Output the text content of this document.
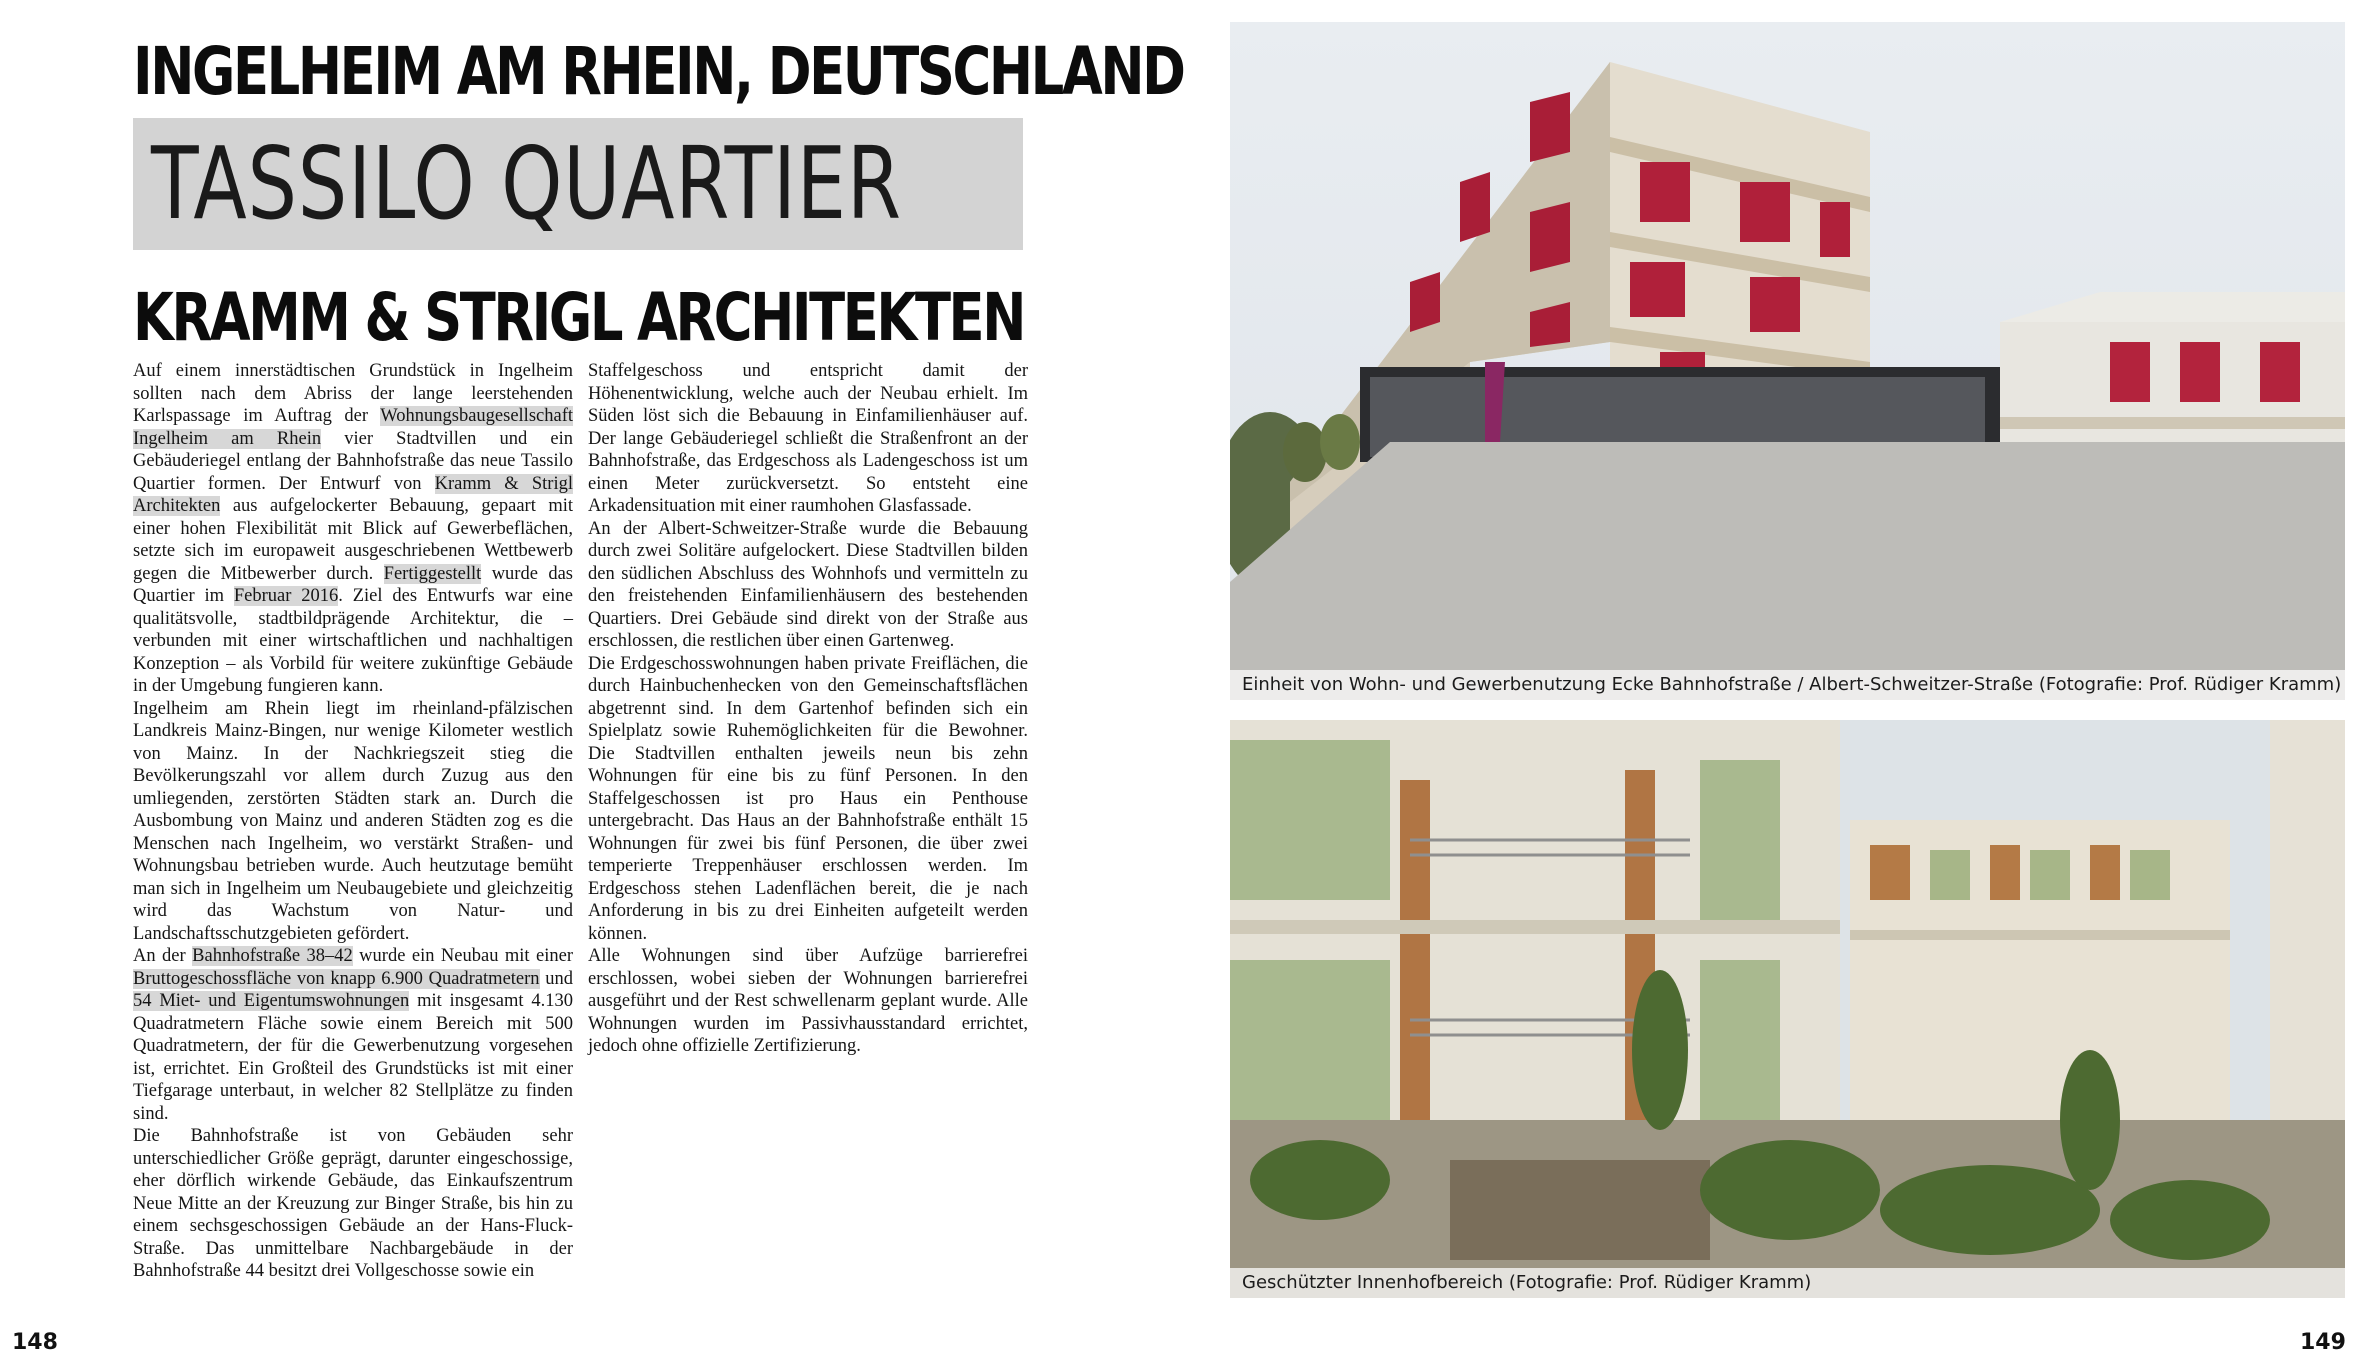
INGELHEIM AM RHEIN, DEUTSCHLAND
TASSILO QUARTIER
KRAMM & STRIGL ARCHITEKTEN

Auf einem innerstädtischen Grundstück in Ingelheim sollten nach dem Abriss der lange leerstehenden Karlspassage im Auftrag der Wohnungsbaugesellschaft Ingelheim am Rhein vier Stadtvillen und ein Gebäuderiegel entlang der Bahnhofstraße das neue Tassilo Quartier formen. Der Entwurf von Kramm & Strigl Architekten aus aufgelockerter Bebauung, gepaart mit einer hohen Flexibilität mit Blick auf Gewerbeflächen, setzte sich im europaweit ausgeschriebenen Wettbewerb gegen die Mitbewerber durch. Fertiggestellt wurde das Quartier im Februar 2016. Ziel des Entwurfs war eine qualitätsvolle, stadtbildprägende Architektur, die – verbunden mit einer wirtschaftlichen und nachhaltigen Konzeption – als Vorbild für weitere zukünftige Gebäude in der Umgebung fungieren kann.

Ingelheim am Rhein liegt im rheinland-pfälzischen Landkreis Mainz-Bingen, nur wenige Kilometer westlich von Mainz. In der Nachkriegszeit stieg die Bevölkerungszahl vor allem durch Zuzug aus den umliegenden, zerstörten Städten stark an. Durch die Ausbombung von Mainz und anderen Städten zog es die Menschen nach Ingelheim, wo verstärkt Straßen- und Wohnungsbau betrieben wurde. Auch heutzutage bemüht man sich in Ingelheim um Neubaugebiete und gleichzeitig wird das Wachstum von Natur- und Landschaftsschutzgebieten gefördert.

An der Bahnhofstraße 38–42 wurde ein Neubau mit einer Bruttogeschossfläche von knapp 6.900 Quadratmetern und 54 Miet- und Eigentumswohnungen mit insgesamt 4.130 Quadratmetern Fläche sowie einem Bereich mit 500 Quadratmetern, der für die Gewerbenutzung vorgesehen ist, errichtet. Ein Großteil des Grundstücks ist mit einer Tiefgarage unterbaut, in welcher 82 Stellplätze zu finden sind.

Die Bahnhofstraße ist von Gebäuden sehr unterschiedlicher Größe geprägt, darunter eingeschossige, eher dörflich wirkende Gebäude, das Einkaufszentrum Neue Mitte an der Kreuzung zur Binger Straße, bis hin zu einem sechsgeschossigen Gebäude an der Hans-Fluck-Straße. Das unmittelbare Nachbargebäude in der Bahnhofstraße 44 besitzt drei Vollgeschosse sowie ein

Staffelgeschoss und entspricht damit der Höhenentwicklung, welche auch der Neubau erhielt. Im Süden löst sich die Bebauung in Einfamilienhäuser auf. Der lange Gebäuderiegel schließt die Straßenfront an der Bahnhofstraße, das Erdgeschoss als Ladengeschoss ist um einen Meter zurückversetzt. So entsteht eine Arkadensituation mit einer raumhohen Glasfassade.

An der Albert-Schweitzer-Straße wurde die Bebauung durch zwei Solitäre aufgelockert. Diese Stadtvillen bilden den südlichen Abschluss des Wohnhofs und vermitteln zu den freistehenden Einfamilienhäusern des bestehenden Quartiers. Drei Gebäude sind direkt von der Straße aus erschlossen, die restlichen über einen Gartenweg.

Die Erdgeschosswohnungen haben private Freiflächen, die durch Hainbuchenhecken von den Gemeinschaftsflächen abgetrennt sind. In dem Gartenhof befinden sich ein Spielplatz sowie Ruhemöglichkeiten für die Bewohner. Die Stadtvillen enthalten jeweils neun bis zehn Wohnungen für eine bis zu fünf Personen. In den Staffelgeschossen ist pro Haus ein Penthouse untergebracht. Das Haus an der Bahnhofstraße enthält 15 Wohnungen für zwei bis fünf Personen, die über zwei temperierte Treppenhäuser erschlossen werden. Im Erdgeschoss stehen Ladenflächen bereit, die je nach Anforderung in bis zu drei Einheiten aufgeteilt werden können.

Alle Wohnungen sind über Aufzüge barrierefrei erschlossen, wobei sieben der Wohnungen barrierefrei ausgeführt und der Rest schwellenarm geplant wurde. Alle Wohnungen wurden im Passivhausstandard errichtet, jedoch ohne offizielle Zertifizierung.

Einheit von Wohn- und Gewerbenutzung Ecke Bahnhofstraße / Albert-Schweitzer-Straße (Fotografie: Prof. Rüdiger Kramm)
Geschützter Innenhofbereich (Fotografie: Prof. Rüdiger Kramm)
148	149
